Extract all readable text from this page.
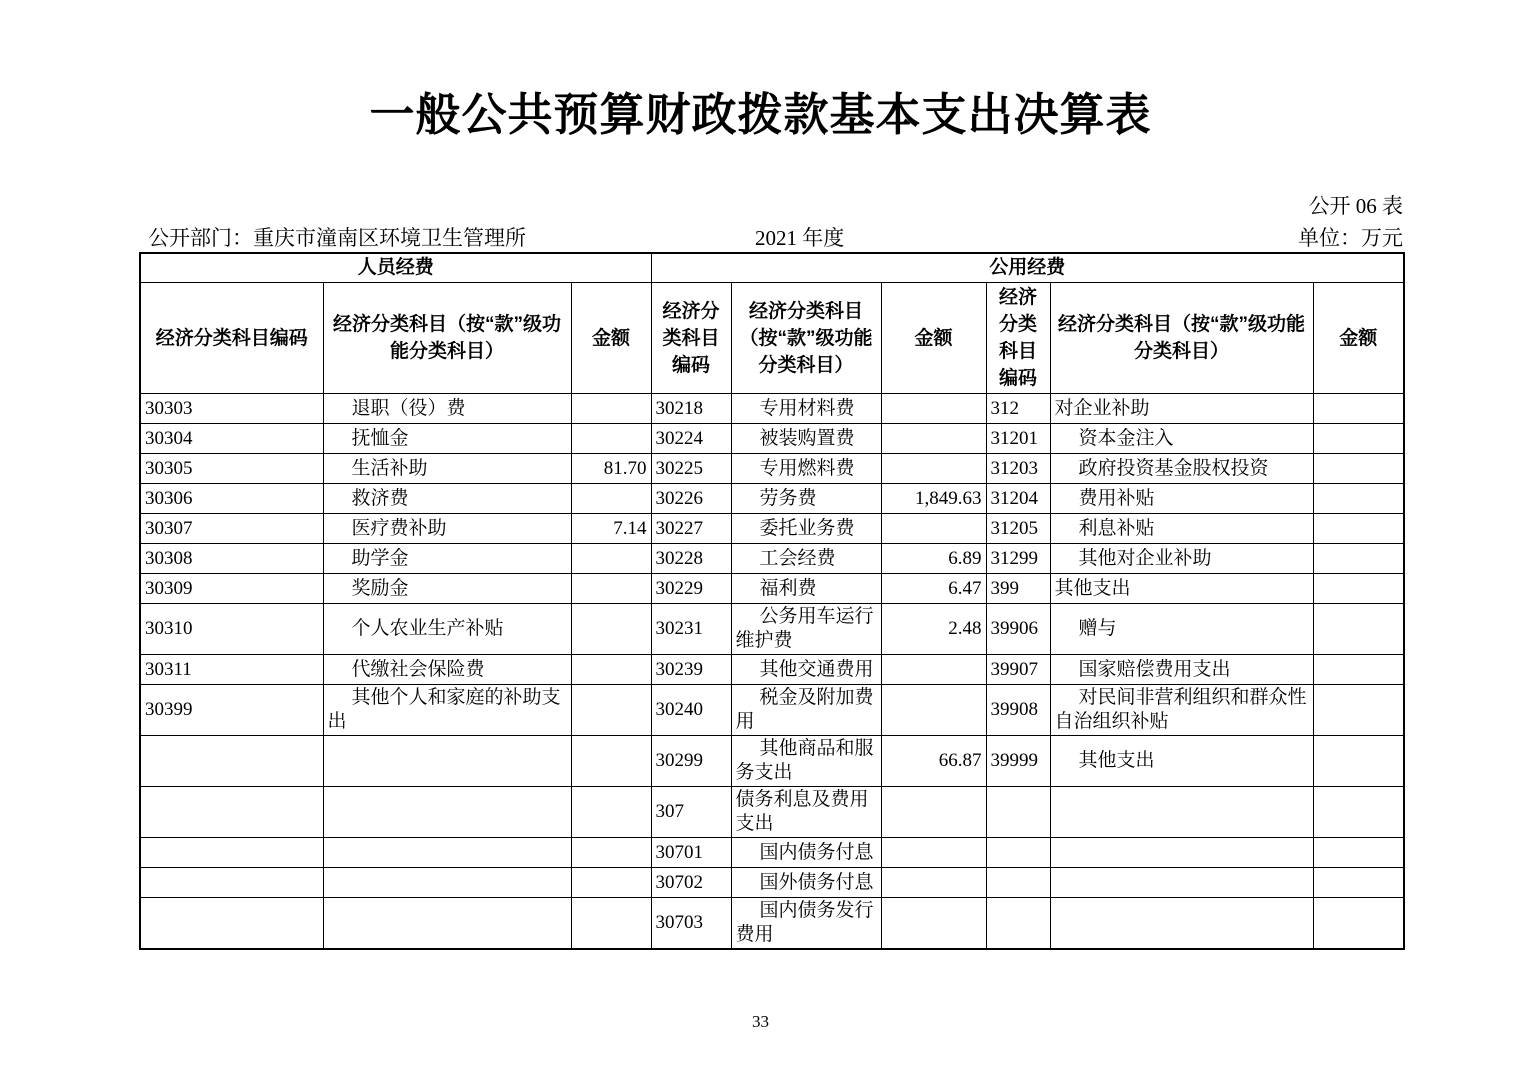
一般公共预算财政拨款基本支出决算表
公开 06 表
公开部门：重庆市潼南区环境卫生管理所	2021 年度	单位：万元
人员经费			公用经费					
经济分类科目编码	经济分类科目（按“款”级功能分类科目）	金额	经济分类科目编码	经济分类科目（按“款”级功能分类科目）	金额	经济分类科目编码	经济分类科目（按“款”级功能分类科目）	金额
30303	退职（役）费		30218	专用材料费		312	对企业补助	
30304	抚恤金		30224	被装购置费		31201	资本金注入	
30305	生活补助	81.70	30225	专用燃料费		31203	政府投资基金股权投资	
30306	救济费		30226	劳务费	1,849.63	31204	费用补贴	
30307	医疗费补助	7.14	30227	委托业务费		31205	利息补贴	
30308	助学金		30228	工会经费	6.89	31299	其他对企业补助	
30309	奖励金		30229	福利费	6.47	399	其他支出	
30310	个人农业生产补贴		30231	公务用车运行维护费	2.48	39906	赠与	
30311	代缴社会保险费		30239	其他交通费用		39907	国家赔偿费用支出	
30399	其他个人和家庭的补助支出		30240	税金及附加费用		39908	对民间非营利组织和群众性自治组织补贴	
			30299	其他商品和服务支出	66.87	39999	其他支出	
			307	债务利息及费用支出				
			30701	国内债务付息				
			30702	国外债务付息				
			30703	国内债务发行费用				
33
